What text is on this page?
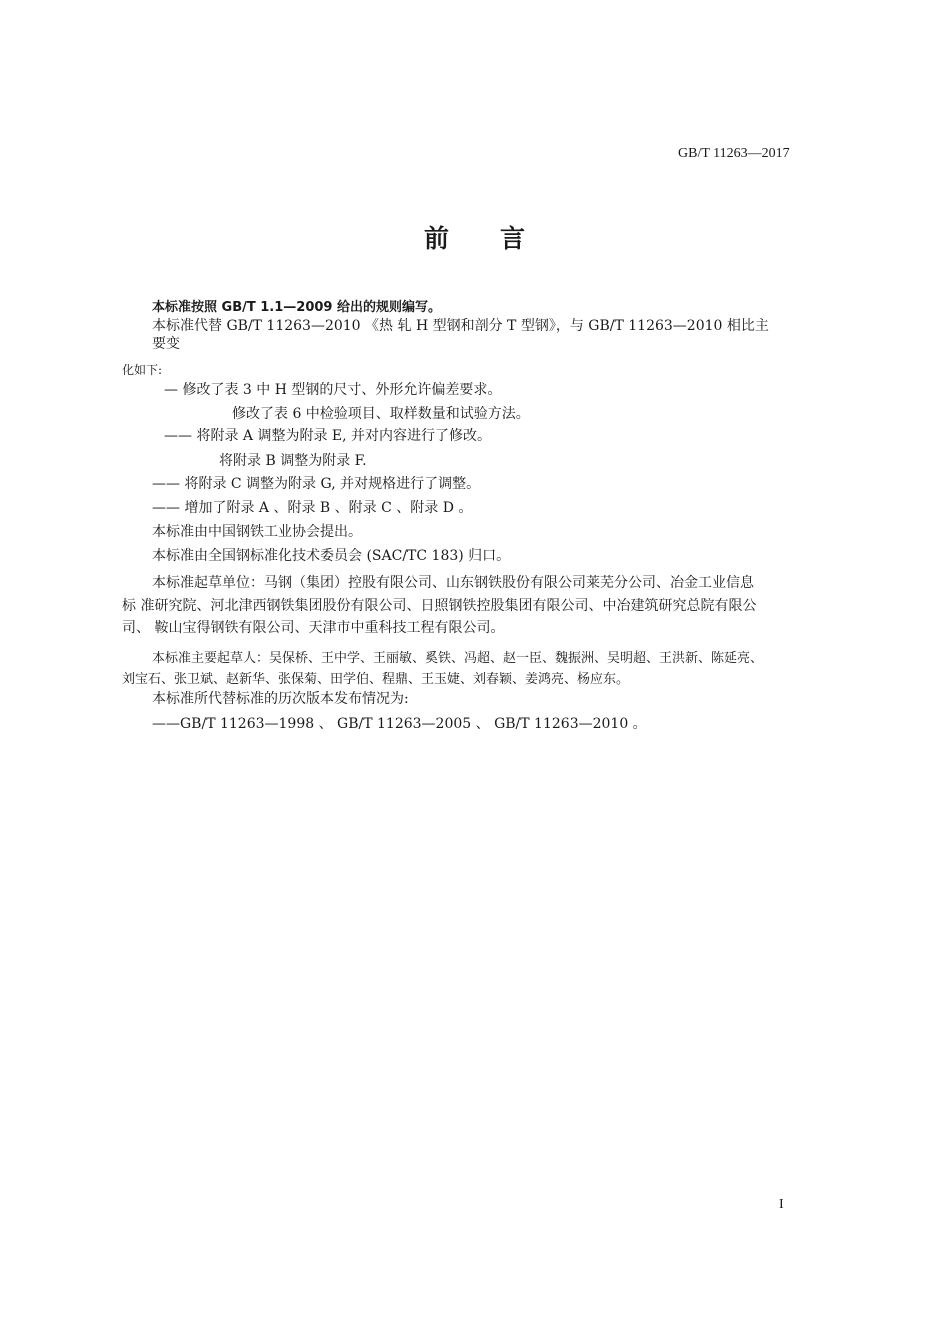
GB/T 11263—2017
前 言
本标准按照 GB/T 1.1—2009 给出的规则编写。
本标准代替 GB/T 11263—2010 《热 轧 H 型钢和剖分 T 型钢》，与 GB/T 11263—2010 相比主
要变
化如下:
— 修改了表 3 中 H 型钢的尺寸、外形允许偏差要求。
修改了表 6 中检验项目、取样数量和试验方法。
—— 将附录 A 调整为附录 E, 并对内容进行了修改。
将附录 B 调整为附录 F.
—— 将附录 C 调整为附录 G, 并对规格进行了调整。
—— 增加了附录 A 、附录 B 、附录 C 、附录 D 。
本标准由中国钢铁工业协会提出。
本标准由全国钢标准化技术委员会 (SAC/TC 183) 归口。
本标准起草单位：马钢（集团）控股有限公司、山东钢铁股份有限公司莱芜分公司、冶金工业信息
标 准研究院、河北津西钢铁集团股份有限公司、日照钢铁控股集团有限公司、中冶建筑研究总院有限公
司、 鞍山宝得钢铁有限公司、天津市中重科技工程有限公司。
本标准主要起草人：吴保桥、王中学、王丽敏、奚铁、冯超、赵一臣、魏振洲、吴明超、王洪新、陈延亮、
刘宝石、张卫斌、赵新华、张保菊、田学伯、程鼎、王玉婕、刘春颖、姜鸿亮、杨应东。
本标准所代替标准的历次版本发布情况为:
——GB/T 11263—1998 、 GB/T 11263—2005 、 GB/T 11263—2010 。
I
